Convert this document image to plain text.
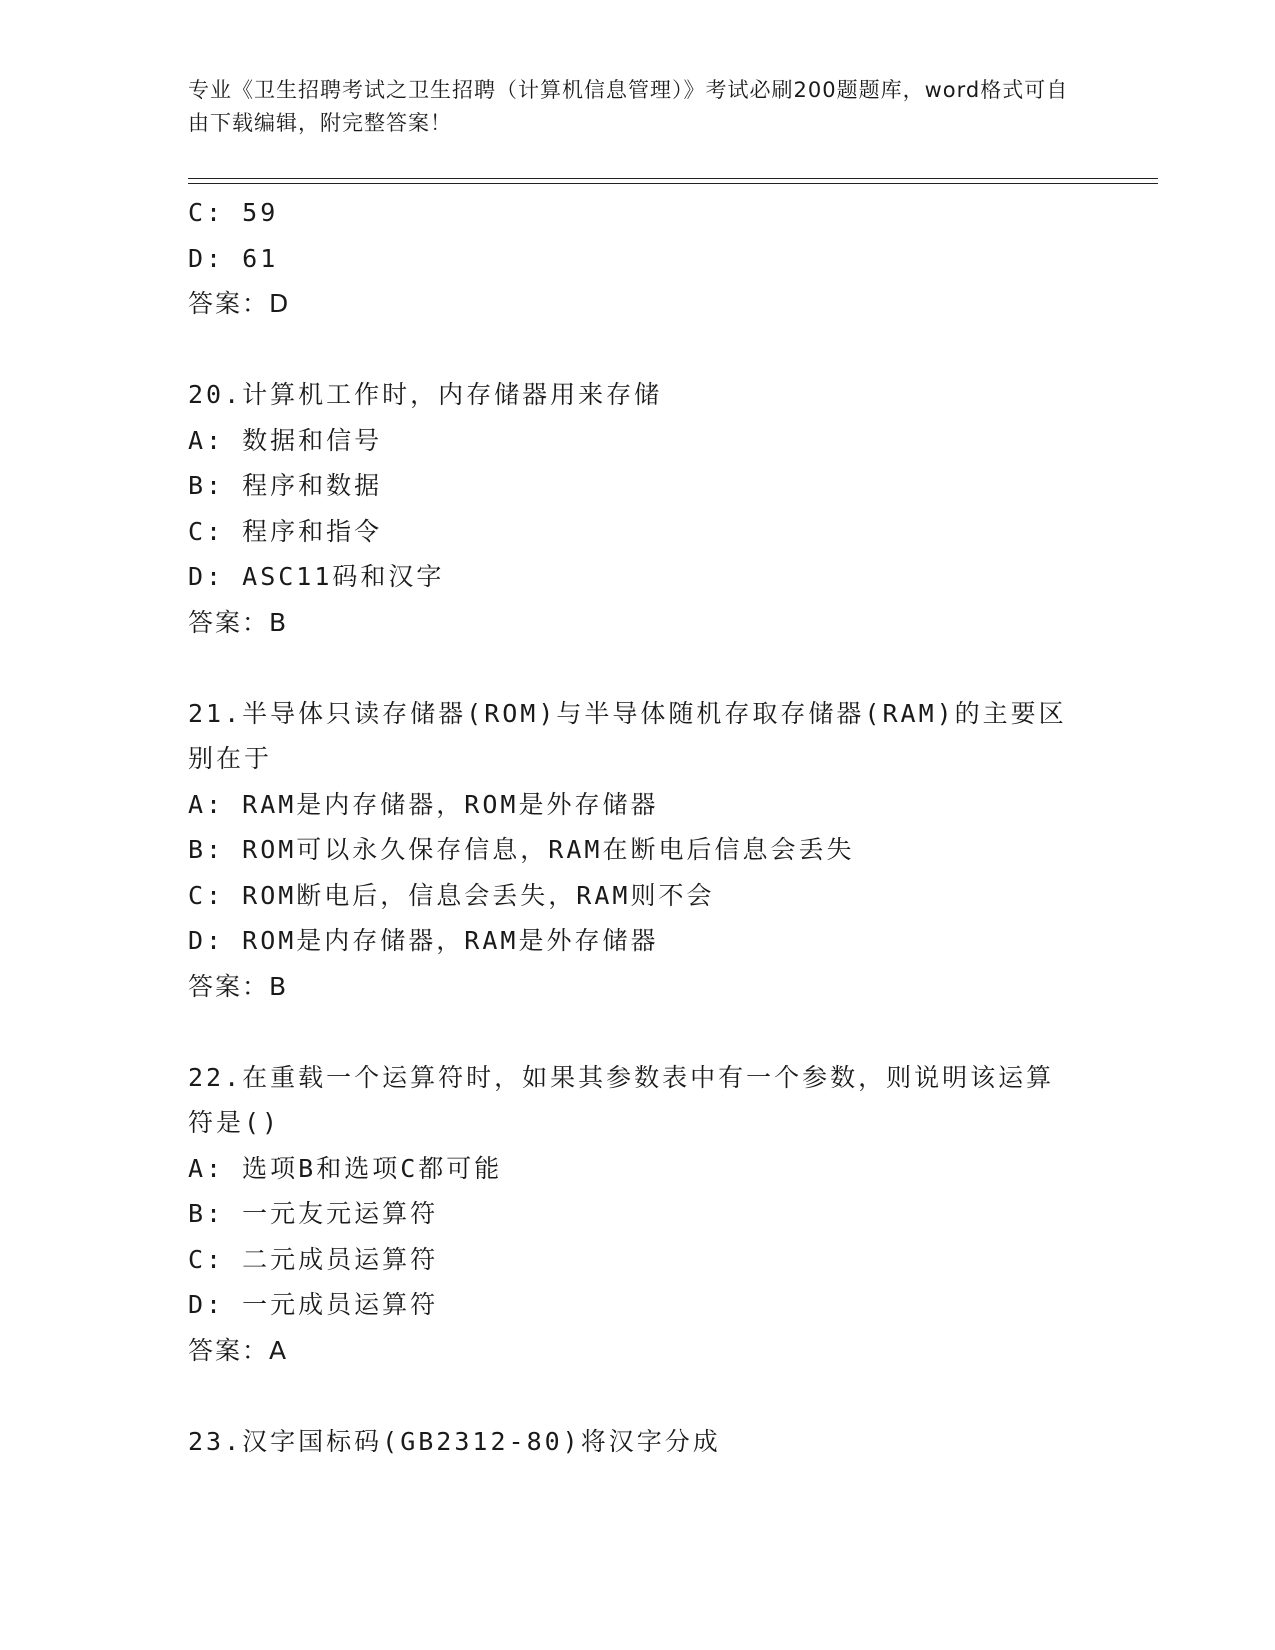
专业《卫生招聘考试之卫生招聘（计算机信息管理）》考试必刷200题题库，word格式可自由下载编辑，附完整答案！
C: 59
D: 61
答案：D
20.计算机工作时，内存储器用来存储
A: 数据和信号
B: 程序和数据
C: 程序和指令
D: ASC11码和汉字
答案：B
21.半导体只读存储器(ROM)与半导体随机存取存储器(RAM)的主要区别在于
A: RAM是内存储器，ROM是外存储器
B: ROM可以永久保存信息，RAM在断电后信息会丢失
C: ROM断电后，信息会丢失，RAM则不会
D: ROM是内存储器，RAM是外存储器
答案：B
22.在重载一个运算符时，如果其参数表中有一个参数，则说明该运算符是()
A: 选项B和选项C都可能
B: 一元友元运算符
C: 二元成员运算符
D: 一元成员运算符
答案：A
23.汉字国标码(GB2312-80)将汉字分成
